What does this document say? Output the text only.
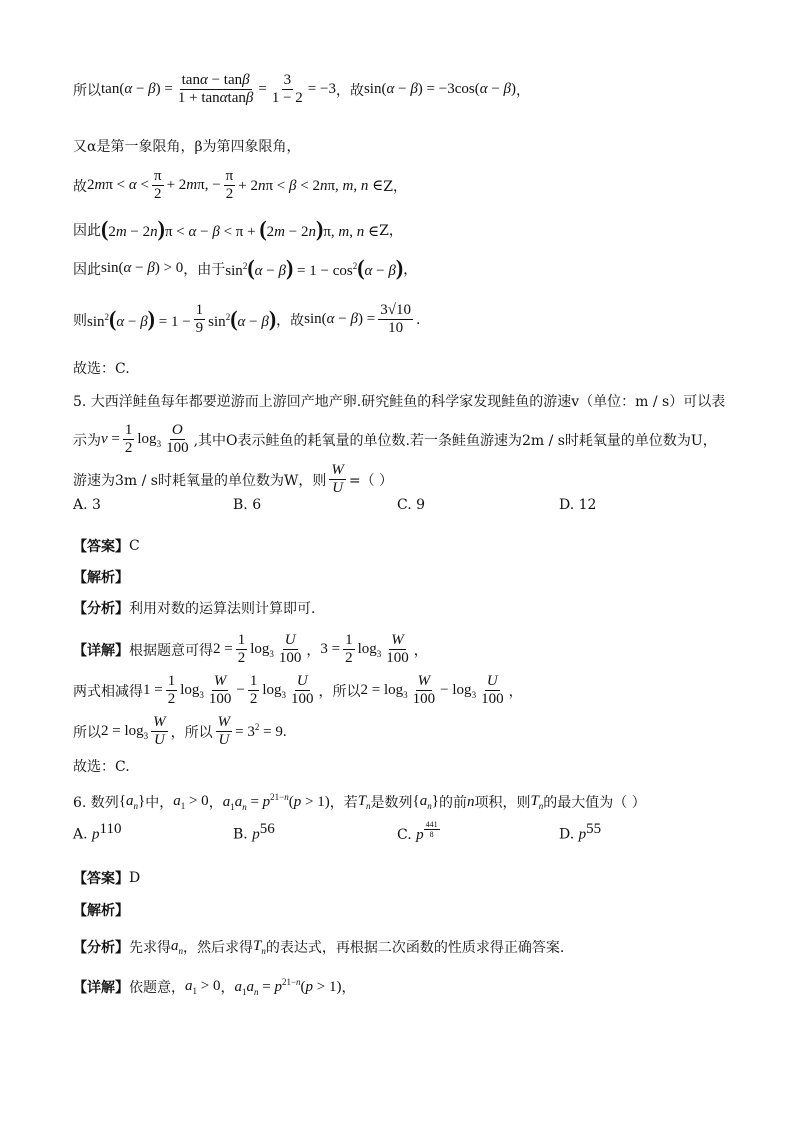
所以 $\tan(\alpha - \beta) = \frac{\tan\alpha - \tan\beta}{1 + \tan\alpha\tan\beta} = \frac{3}{1 - 2} = -3$ ，故 sin(α − β) = −3cos(α − β) ，
又α是第一象限角，β为第四象限角，
故 $2m\pi < \alpha < \frac{\pi}{2} + 2m\pi$, − $\frac{\pi}{2} + 2n\pi < \beta < 2n\pi$, m, n ∈ Z，
因此 (2m − 2n)π < α − β < π + (2m − 2n)π, m, n ∈ Z，
因此 sin(α − β) > 0 ，由于 $\sin^2(\alpha - \beta) = 1 - \cos^2(\alpha - \beta)$ ，
则 $\sin^2(\alpha - \beta) = 1 - \frac{1}{9} \sin^2(\alpha - \beta)$ ，故 $\sin(\alpha - \beta) = \frac{3√10}{10}$ .
故选：C.
5. 大西洋鲑鱼每年都要逆游而上游回产地产卵.研究鲑鱼的科学家发现鲑鱼的游速v（单位：m / s）可以表
示为 $v = \frac{1}{2} \log_3 \frac{O}{100}$ ,其中O表示鲑鱼的耗氧量的单位数.若一条鲑鱼游速为2m / s时耗氧量的单位数为U，
游速为3m / s时耗氧量的单位数为W，则 $\frac{W}{U}$ =（ ）
A. 3	B. 6	C. 9	D. 12
【答案】 C
【解析】
【分析】 利用对数的运算法则计算即可.
【详解】 根据题意可得 $2 = \frac{1}{2} \log_3 \frac{U}{100}$ ， $3 = \frac{1}{2} \log_3 \frac{W}{100}$ ，
两式相减得 $1 = \frac{1}{2} \log_3 \frac{W}{100} - \frac{1}{2} \log_3 \frac{U}{100}$ ，所以 $2 = \log_3 \frac{W}{100} - \log_3 \frac{U}{100}$ ，
所以 $2 = \log_3 \frac{W}{U}$ ，所以 $\frac{W}{U} = 3^2 = 9$.
故选：C.
6. 数列 $\{a_n\}$ 中， $a_1 > 0$ ， $a_1a_n = p^{21-n}(p > 1)$ ，若 $T_n$ 是数列 $\{a_n\}$ 的前 n 项积，则 $T_n$ 的最大值为（ ）
A. $p^{110}$	B. $p^{56}$	C. p $^{\frac{441}{8}}$	D. $p^{55}$
【答案】 D
【解析】
【分析】 先求得 $a_n$ ，然后求得 $T_n$ 的表达式，再根据二次函数的性质求得正确答案.
【详解】 依题意， $a_1 > 0$ ， $a_1a_n = p^{21-n}(p > 1)$ ，
